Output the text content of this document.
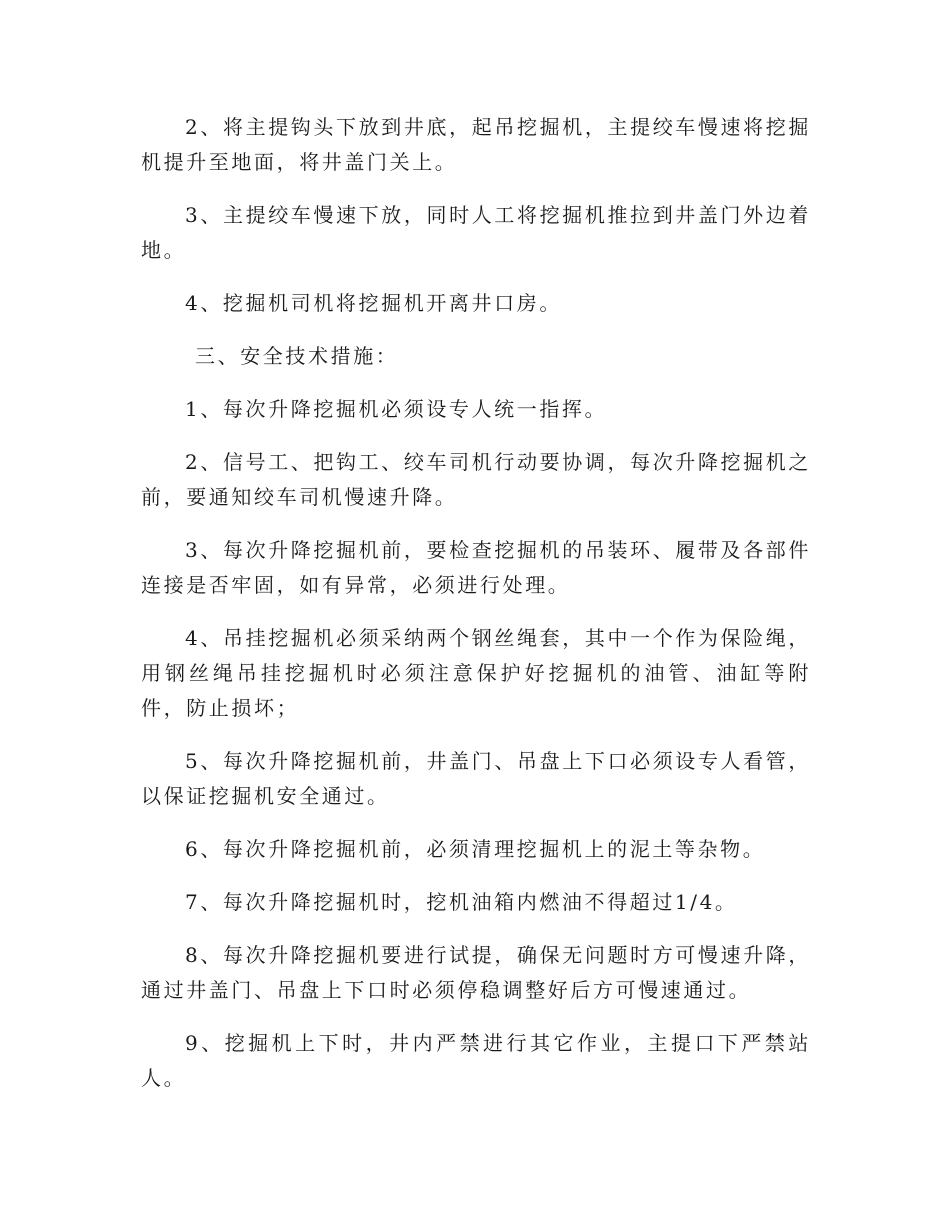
2、将主提钩头下放到井底，起吊挖掘机，主提绞车慢速将挖掘机提升至地面，将井盖门关上。

3、主提绞车慢速下放，同时人工将挖掘机推拉到井盖门外边着地。

4、挖掘机司机将挖掘机开离井口房。

三、安全技术措施：

1、每次升降挖掘机必须设专人统一指挥。

2、信号工、把钩工、绞车司机行动要协调，每次升降挖掘机之前，要通知绞车司机慢速升降。

3、每次升降挖掘机前，要检查挖掘机的吊装环、履带及各部件连接是否牢固，如有异常，必须进行处理。

4、吊挂挖掘机必须采纳两个钢丝绳套，其中一个作为保险绳，用钢丝绳吊挂挖掘机时必须注意保护好挖掘机的油管、油缸等附件，防止损坏；

5、每次升降挖掘机前，井盖门、吊盘上下口必须设专人看管，以保证挖掘机安全通过。

6、每次升降挖掘机前，必须清理挖掘机上的泥土等杂物。

7、每次升降挖掘机时，挖机油箱内燃油不得超过1/4。

8、每次升降挖掘机要进行试提，确保无问题时方可慢速升降，通过井盖门、吊盘上下口时必须停稳调整好后方可慢速通过。

9、挖掘机上下时，井内严禁进行其它作业，主提口下严禁站人。
